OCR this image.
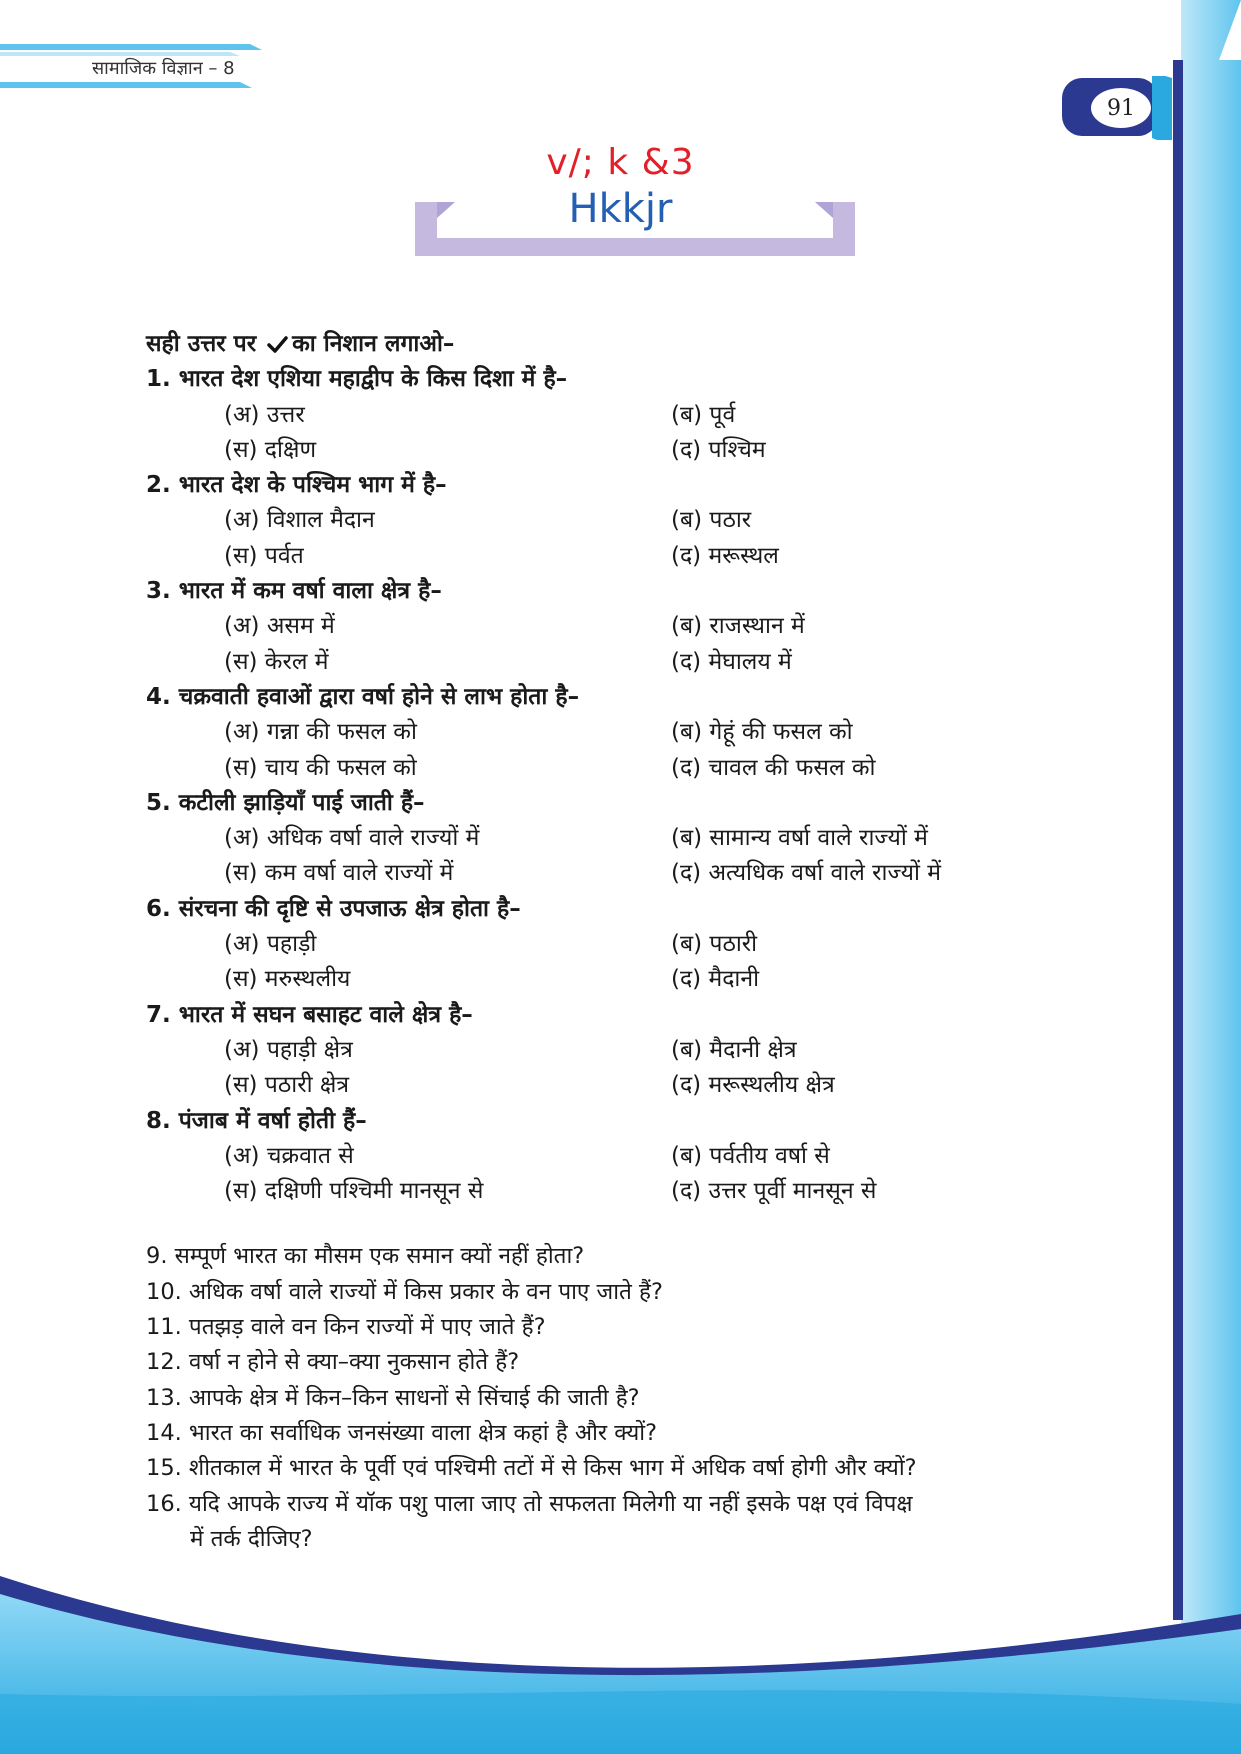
सामाजिक विज्ञान – 8
91
v/; k &3
Hkkjr
सही उत्तर पर का निशान लगाओ–
1. भारत देश एशिया महाद्वीप के किस दिशा में है–
(अ) उत्तर	(ब) पूर्व
(स) दक्षिण	(द) पश्चिम
2. भारत देश के पश्चिम भाग में है–
(अ) विशाल मैदान	(ब) पठार
(स) पर्वत	(द) मरूस्थल
3. भारत में कम वर्षा वाला क्षेत्र है–
(अ) असम में	(ब) राजस्थान में
(स) केरल में	(द) मेघालय में
4. चक्रवाती हवाओं द्वारा वर्षा होने से लाभ होता है–
(अ) गन्ना की फसल को	(ब) गेहूं की फसल को
(स) चाय की फसल को	(द) चावल की फसल को
5. कटीली झाड़ियाँ पाई जाती हैं–
(अ) अधिक वर्षा वाले राज्यों में	(ब) सामान्य वर्षा वाले राज्यों में
(स) कम वर्षा वाले राज्यों में	(द) अत्यधिक वर्षा वाले राज्यों में
6. संरचना की दृष्टि से उपजाऊ क्षेत्र होता है–
(अ) पहाड़ी	(ब) पठारी
(स) मरुस्थलीय	(द) मैदानी
7. भारत में सघन बसाहट वाले क्षेत्र है–
(अ) पहाड़ी क्षेत्र	(ब) मैदानी क्षेत्र
(स) पठारी क्षेत्र	(द) मरूस्थलीय क्षेत्र
8. पंजाब में वर्षा होती हैं–
(अ) चक्रवात से	(ब) पर्वतीय वर्षा से
(स) दक्षिणी पश्चिमी मानसून से	(द) उत्तर पूर्वी मानसून से
9. सम्पूर्ण भारत का मौसम एक समान क्यों नहीं होता?
10. अधिक वर्षा वाले राज्यों में किस प्रकार के वन पाए जाते हैं?
11. पतझड़ वाले वन किन राज्यों में पाए जाते हैं?
12. वर्षा न होने से क्या–क्या नुकसान होते हैं?
13. आपके क्षेत्र में किन–किन साधनों से सिंचाई की जाती है?
14. भारत का सर्वाधिक जनसंख्या वाला क्षेत्र कहां है और क्यों?
15. शीतकाल में भारत के पूर्वी एवं पश्चिमी तटों में से किस भाग में अधिक वर्षा होगी और क्यों?
16. यदि आपके राज्य में यॉक पशु पाला जाए तो सफलता मिलेगी या नहीं इसके पक्ष एवं विपक्ष
में तर्क दीजिए?
